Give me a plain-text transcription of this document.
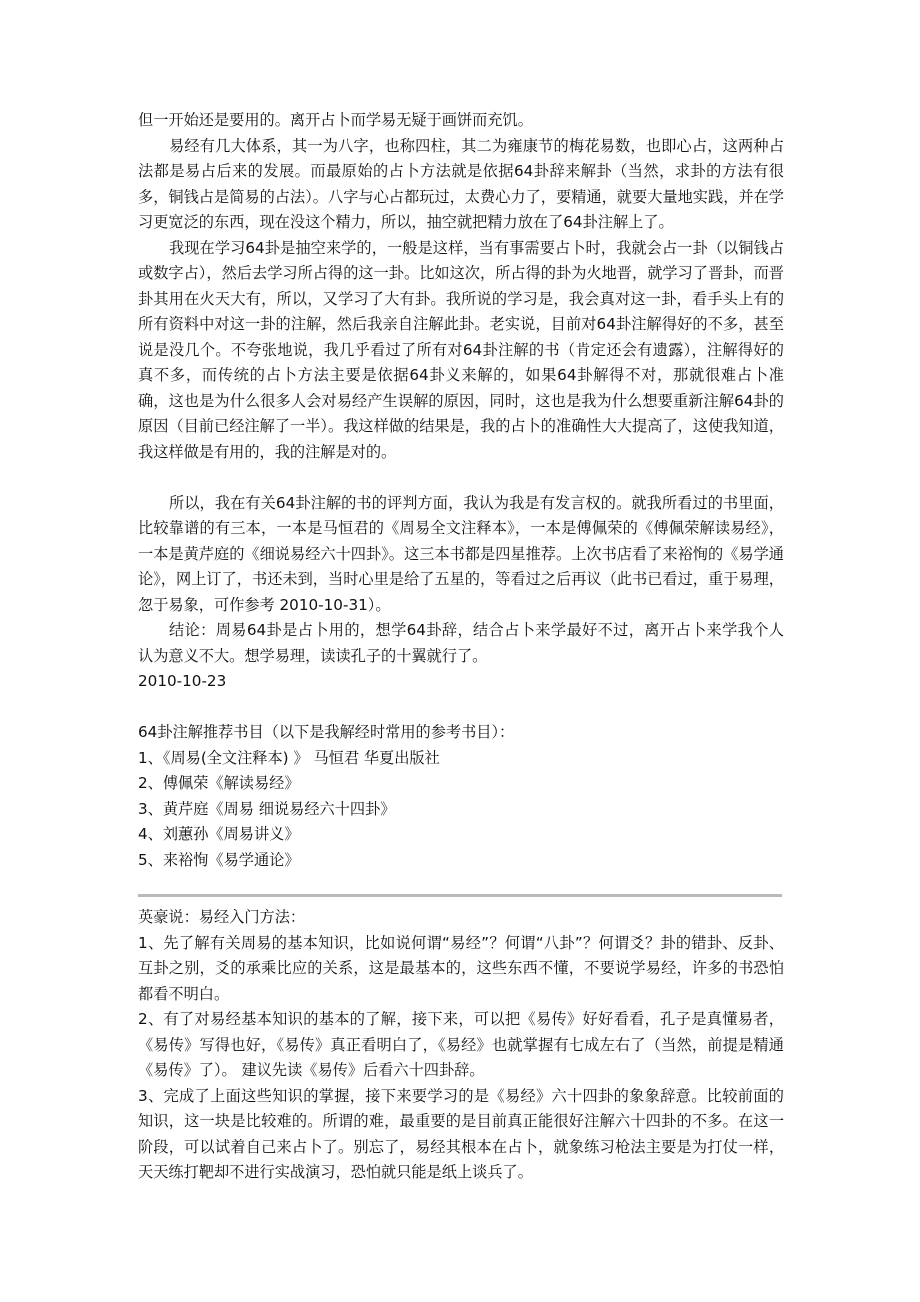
但一开始还是要用的。离开占卜而学易无疑于画饼而充饥。

易经有几大体系，其一为八字，也称四柱，其二为雍康节的梅花易数，也即心占，这两种占法都是易占后来的发展。而最原始的占卜方法就是依据64卦辞来解卦（当然，求卦的方法有很多，铜钱占是简易的占法）。八字与心占都玩过，太费心力了，要精通，就要大量地实践，并在学习更宽泛的东西，现在没这个精力，所以，抽空就把精力放在了64卦注解上了。

我现在学习64卦是抽空来学的，一般是这样，当有事需要占卜时，我就会占一卦（以铜钱占或数字占），然后去学习所占得的这一卦。比如这次，所占得的卦为火地晋，就学习了晋卦，而晋卦其用在火天大有，所以，又学习了大有卦。我所说的学习是，我会真对这一卦，看手头上有的所有资料中对这一卦的注解，然后我亲自注解此卦。老实说，目前对64卦注解得好的不多，甚至说是没几个。不夸张地说，我几乎看过了所有对64卦注解的书（肯定还会有遗露），注解得好的真不多，而传统的占卜方法主要是依据64卦义来解的，如果64卦解得不对，那就很难占卜准确，这也是为什么很多人会对易经产生误解的原因，同时，这也是我为什么想要重新注解64卦的原因（目前已经注解了一半）。我这样做的结果是，我的占卜的准确性大大提高了，这使我知道，我这样做是有用的，我的注解是对的。

所以，我在有关64卦注解的书的评判方面，我认为我是有发言权的。就我所看过的书里面，比较靠谱的有三本，一本是马恒君的《周易全文注释本》，一本是傅佩荣的《傅佩荣解读易经》，一本是黄芹庭的《细说易经六十四卦》。这三本书都是四星推荐。上次书店看了来裕恂的《易学通论》，网上订了，书还未到，当时心里是给了五星的，等看过之后再议（此书已看过，重于易理，忽于易象，可作参考 2010-10-31）。

结论：周易64卦是占卜用的，想学64卦辞，结合占卜来学最好不过，离开占卜来学我个人认为意义不大。想学易理，读读孔子的十翼就行了。

2010-10-23

64卦注解推荐书目（以下是我解经时常用的参考书目）：

1、《周易(全文注释本) 》 马恒君 华夏出版社

2、傅佩荣《解读易经》

3、黄芹庭《周易 细说易经六十四卦》

4、刘蕙孙《周易讲义》

5、来裕恂《易学通论》

英豪说：易经入门方法：

1、先了解有关周易的基本知识，比如说何谓“易经”？何谓“八卦”？何谓爻？卦的错卦、反卦、互卦之别，爻的承乘比应的关系，这是最基本的，这些东西不懂，不要说学易经，许多的书恐怕都看不明白。

2、有了对易经基本知识的基本的了解，接下来，可以把《易传》好好看看，孔子是真懂易者，《易传》写得也好，《易传》真正看明白了，《易经》也就掌握有七成左右了（当然，前提是精通《易传》了）。 建议先读《易传》后看六十四卦辞。

3、完成了上面这些知识的掌握，接下来要学习的是《易经》六十四卦的象象辞意。比较前面的知识，这一块是比较难的。所谓的难，最重要的是目前真正能很好注解六十四卦的不多。在这一阶段，可以试着自己来占卜了。别忘了，易经其根本在占卜，就象练习枪法主要是为打仗一样，天天练打靶却不进行实战演习，恐怕就只能是纸上谈兵了。
